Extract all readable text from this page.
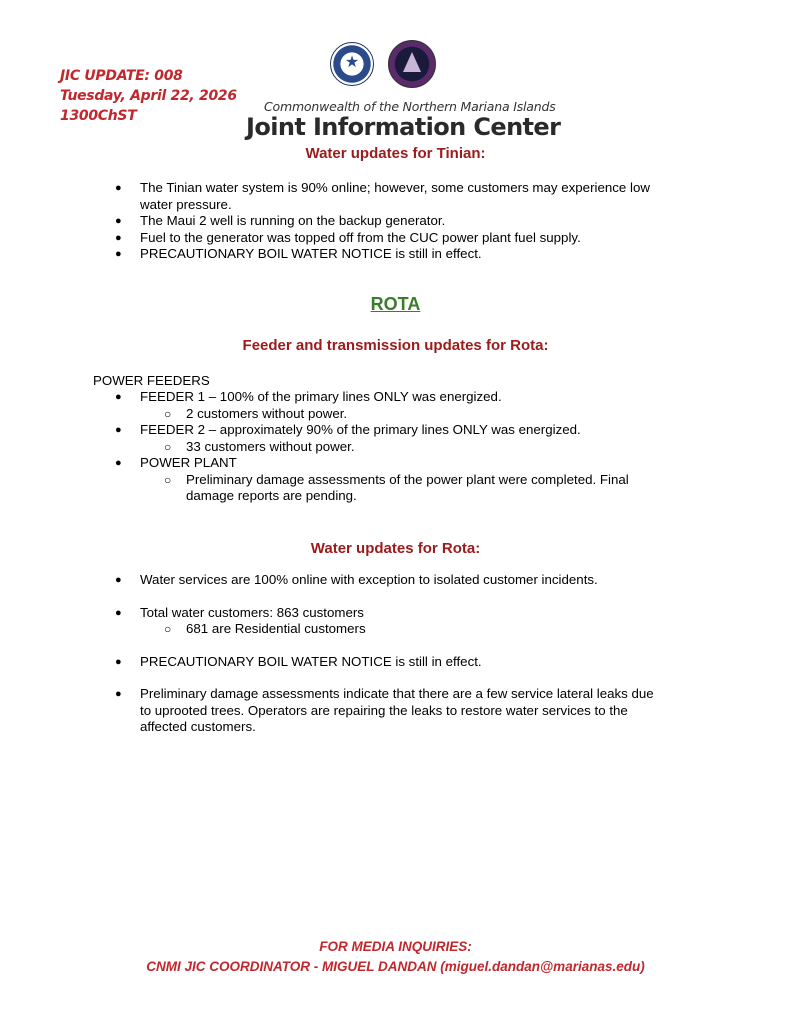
JIC UPDATE: 008
Tuesday, April 22, 2026
1300ChST
★
Commonwealth of the Northern Mariana Islands
Joint Information Center
Water updates for Tinian:
● The Tinian water system is 90% online; however, some customers may experience low
water pressure.
● The Maui 2 well is running on the backup generator.
● Fuel to the generator was topped off from the CUC power plant fuel supply.
● PRECAUTIONARY BOIL WATER NOTICE is still in effect.
ROTA
Feeder and transmission updates for Rota:
POWER FEEDERS
● FEEDER 1 – 100% of the primary lines ONLY was energized.
○ 2 customers without power.
● FEEDER 2 – approximately 90% of the primary lines ONLY was energized.
○ 33 customers without power.
● POWER PLANT
○ Preliminary damage assessments of the power plant were completed. Final
damage reports are pending.
Water updates for Rota:
● Water services are 100% online with exception to isolated customer incidents.
● Total water customers: 863 customers
○ 681 are Residential customers
● PRECAUTIONARY BOIL WATER NOTICE is still in effect.
● Preliminary damage assessments indicate that there are a few service lateral leaks due
to uprooted trees. Operators are repairing the leaks to restore water services to the
affected customers.
FOR MEDIA INQUIRIES:
CNMI JIC COORDINATOR - MIGUEL DANDAN (miguel.dandan@marianas.edu)
